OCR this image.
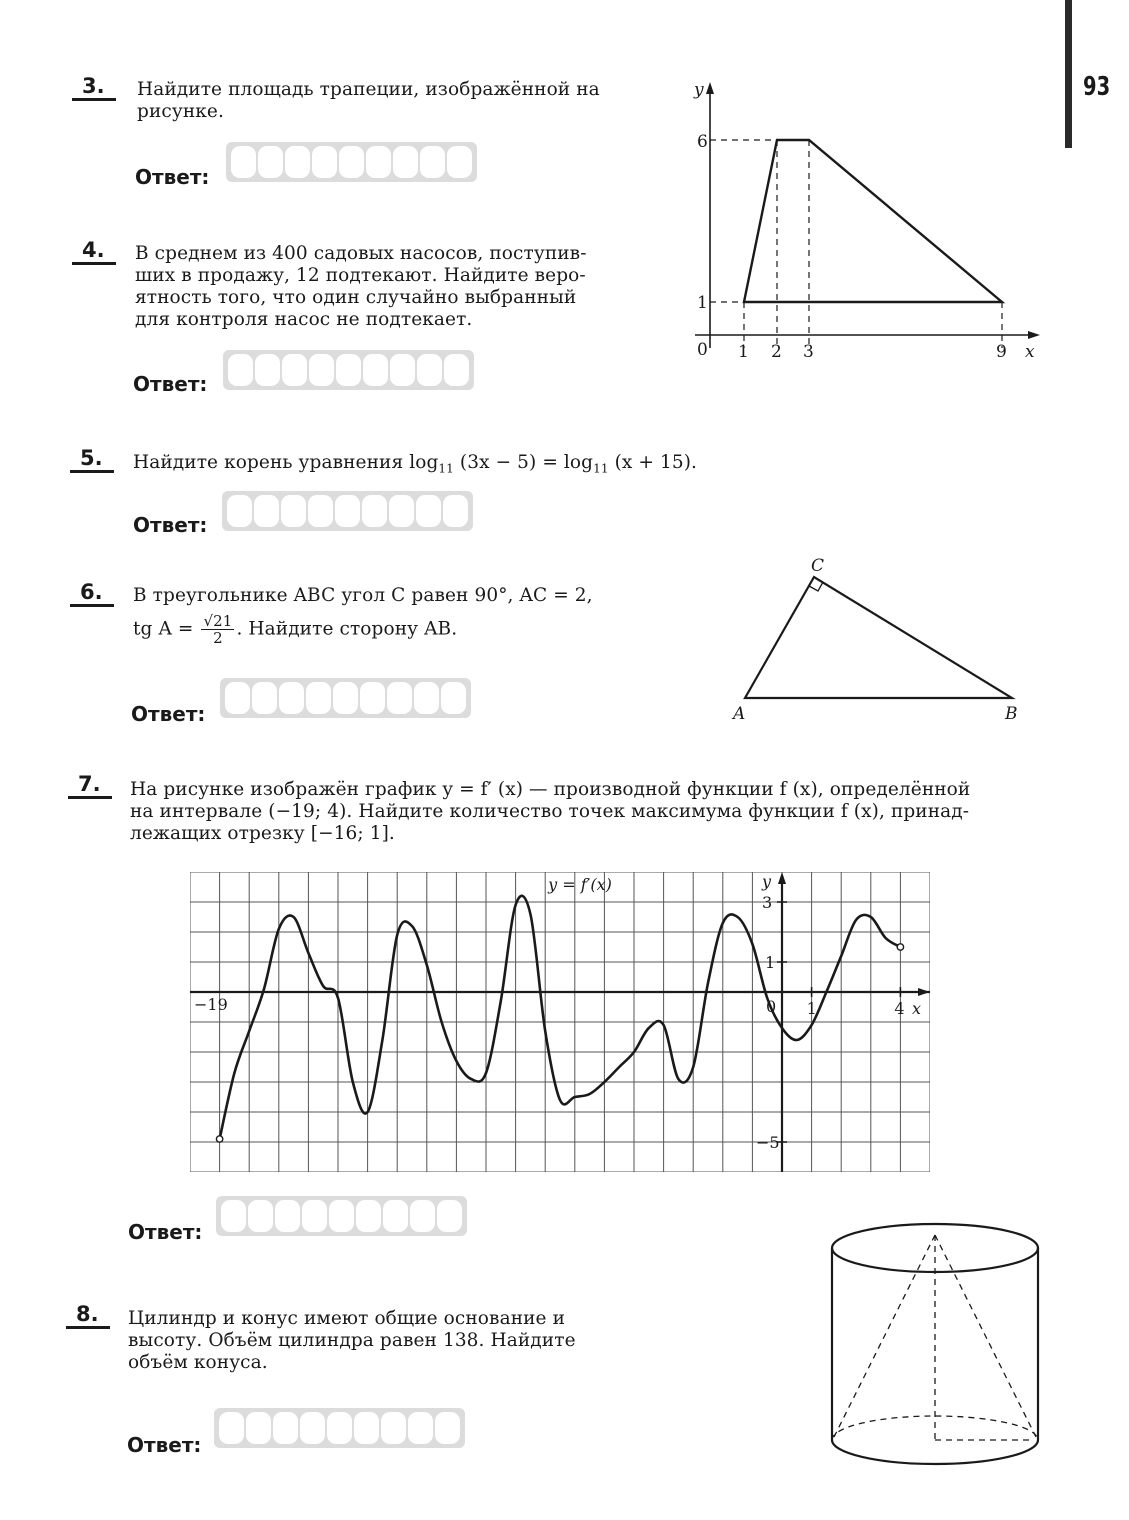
93
3. Найдите площадь трапеции, изображённой на
рисунке.
Ответ:
y
6
1
0 1 2 3	9 x
4. В среднем из 400 садовых насосов, поступив-
ших в продажу, 12 подтекают. Найдите веро-
ятность того, что один случайно выбранный
для контроля насос не подтекает.
Ответ:
5. Найдите корень уравнения $\log_{11} (3x - 5) = \log_{11} (x + 15)$.
Ответ:
6. В треугольнике ABC угол C равен 90°, AC = 2,
tg $A = \frac{√21}{2}$ . Найдите сторону AB.
Ответ:	A	B
C
7. На рисунке изображён график y = f′ (x) — производной функции f (x), определённой
на интервале (−19; 4). Найдите количество точек максимума функции f (x), принад-
лежащих отрезку [−16; 1].
y = f′(x)	y
x
0
−19	1	4
3
1
−5
Ответ:
8. Цилиндр и конус имеют общие основание и
высоту. Объём цилиндра равен 138. Найдите
объём конуса.
Ответ:
